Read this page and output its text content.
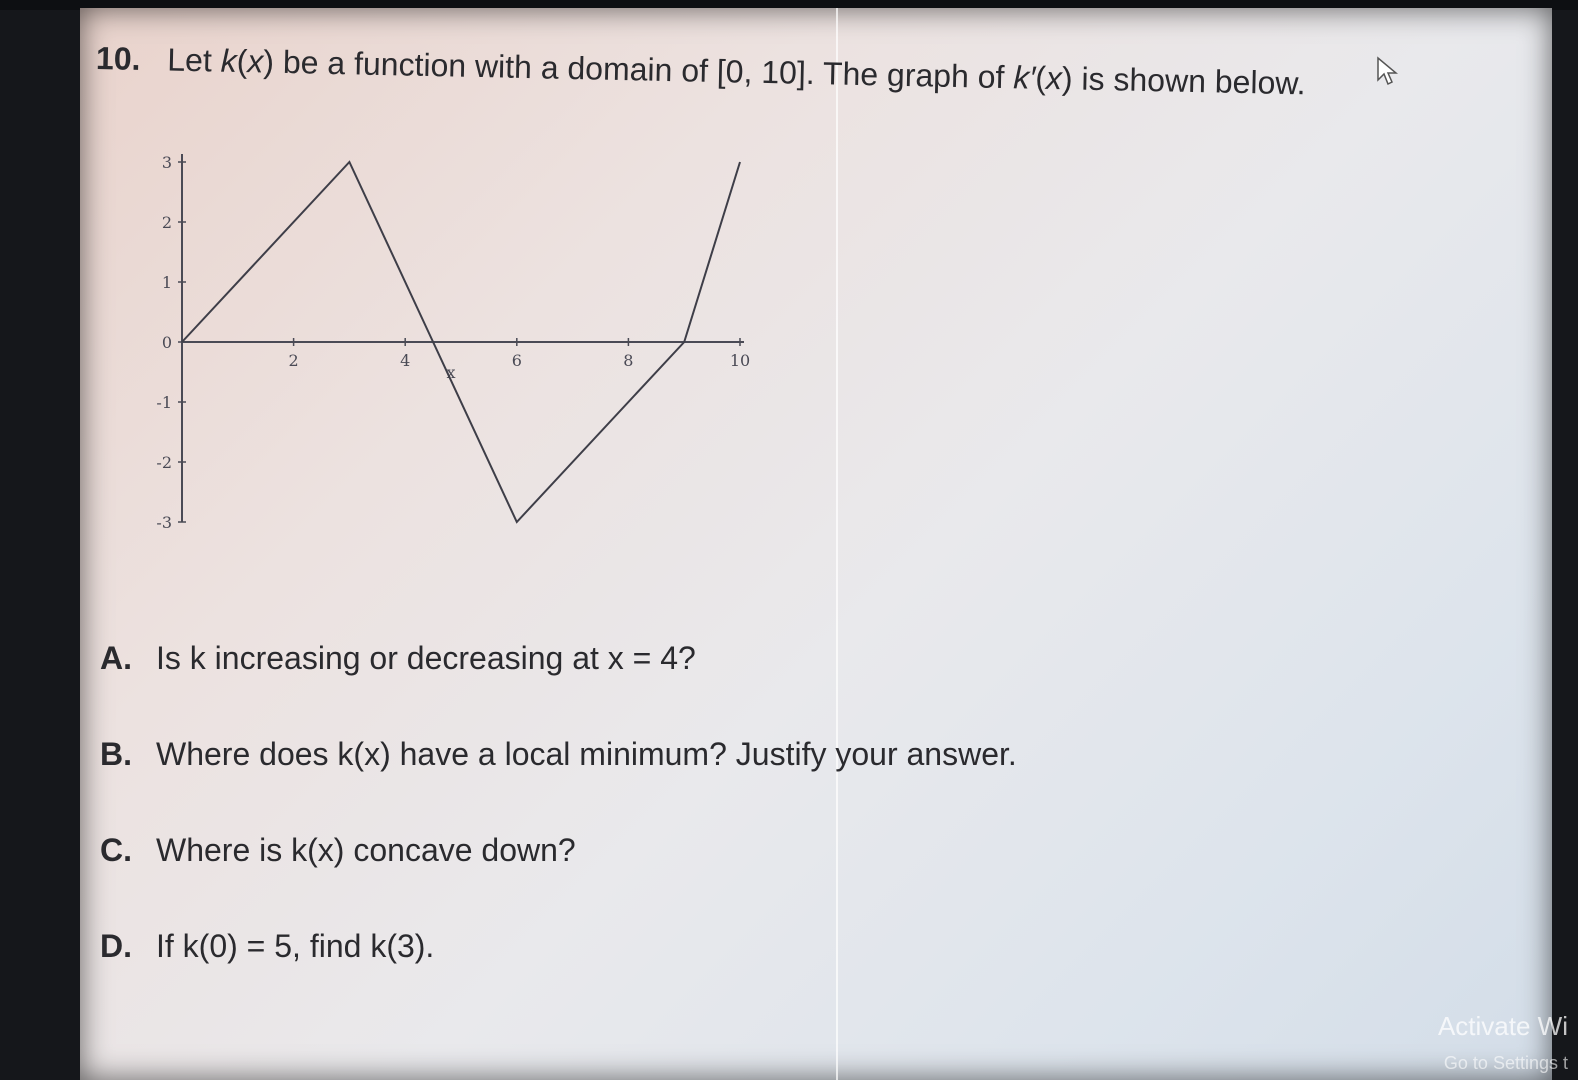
10. Let k(x) be a function with a domain of [0, 10]. The graph of k′(x) is shown below.
3
2
1
0
-1
-2
-3
2	4	6	8	10
x
A. Is k increasing or decreasing at x = 4?
B. Where does k(x) have a local minimum? Justify your answer.
C. Where is k(x) concave down?
D. If k(0) = 5, find k(3).
Activate Wi
Go to Settings t
